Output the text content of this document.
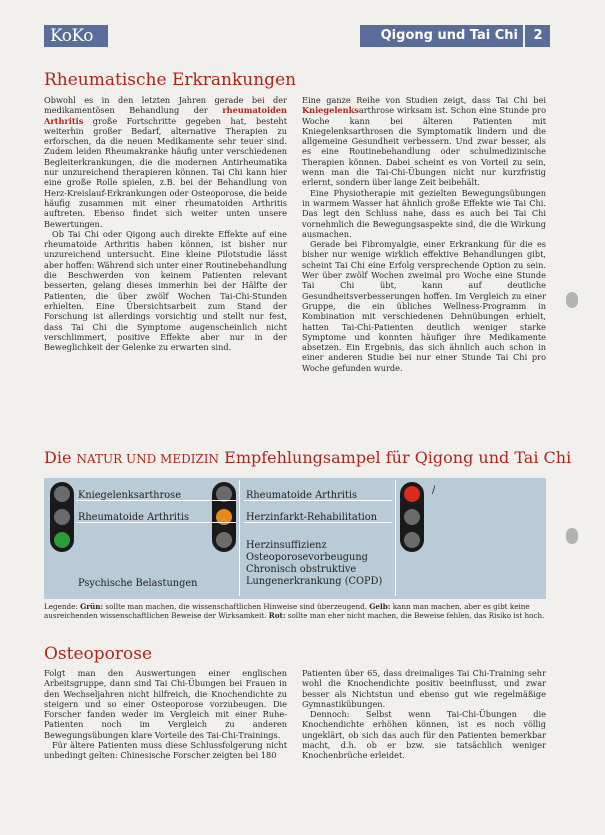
KoKo	Qigong und Tai Chi	2
Rheumatische Erkrankungen

Obwohl es in den letzten Jahren gerade bei der medikamentösen Behandlung der rheumatoiden Arthritis große Fortschritte gegeben hat, besteht weiterhin großer Bedarf, alternative Therapien zu erforschen, da die neuen Medikamente sehr teuer sind. Zudem leiden Rheumakranke häufig unter verschiedenen Begleiterkrankungen, die die modernen Antirheumatika nur unzureichend therapieren können. Tai Chi kann hier eine große Rolle spielen, z.B. bei der Behandlung von Herz-Kreislauf-Erkrankungen oder Osteoporose, die beide häufig zusammen mit einer rheumatoiden Arthritis auftreten. Ebenso findet sich weiter unten unsere Bewertungen.

Ob Tai Chi oder Qigong auch direkte Effekte auf eine rheumatoide Arthritis haben können, ist bisher nur unzureichend untersucht. Eine kleine Pilotstudie lässt aber hoffen: Während sich unter einer Routinebehandlung die Beschwerden von keinem Patienten relevant besserten, gelang dieses immerhin bei der Hälfte der Patienten, die über zwölf Wochen Tai-Chi-Stunden erhielten. Eine Übersichtsarbeit zum Stand der Forschung ist allerdings vorsichtig und stellt nur fest, dass Tai Chi die Symptome augenscheinlich nicht verschlimmert, positive Effekte aber nur in der Beweglichkeit der Gelenke zu erwarten sind.

Eine ganze Reihe von Studien zeigt, dass Tai Chi bei Kniegelenksarthrose wirksam ist. Schon eine Stunde pro Woche kann bei älteren Patienten mit Kniegelenksarthrosen die Symptomatik lindern und die allgemeine Gesundheit verbessern. Und zwar besser, als es eine Routinebehandlung oder schulmedizinische Therapien können. Dabei scheint es von Vorteil zu sein, wenn man die Tai-Chi-Übungen nicht nur kurzfristig erlernt, sondern über lange Zeit beibehält.

Eine Physiotherapie mit gezielten Bewegungsübungen in warmem Wasser hat ähnlich große Effekte wie Tai Chi. Das legt den Schluss nahe, dass es auch bei Tai Chi vornehmlich die Bewegungsaspekte sind, die die Wirkung ausmachen.

Gerade bei Fibromyalgie, einer Erkrankung für die es bisher nur wenige wirklich effektive Behandlungen gibt, scheint Tai Chi eine Erfolg versprechende Option zu sein. Wer über zwölf Wochen zweimal pro Woche eine Stunde Tai Chi übt, kann auf deutliche Gesundheitsverbesserungen hoffen. Im Vergleich zu einer Gruppe, die ein übliches Wellness-Programm in Kombination mit verschiedenen Dehnübungen erhielt, hatten Tai-Chi-Patienten deutlich weniger starke Symptome und konnten häufiger ihre Medikamente absetzen. Ein Ergebnis, das sich ähnlich auch schon in einer anderen Studie bei nur einer Stunde Tai Chi pro Woche gefunden wurde.

Die NATUR UND MEDIZIN Empfehlungsampel für Qigong und Tai Chi
Kniegelenksarthrose
Rheumatoide Arthritis

Psychische Belastungen
Rheumatoide Arthritis
Herzinfarkt-Rehabilitation
Herzinsuffizienz
Osteoporosevorbeugung
Chronisch obstruktive
Lungenerkrankung (COPD)
/
Legende: Grün: sollte man machen, die wissenschaftlichen Hinweise sind überzeugend. Gelb: kann man machen, aber es gibt keine ausreichenden wissenschaftlichen Beweise der Wirksamkeit. Rot: sollte man eher nicht machen, die Beweise fehlen, das Risiko ist hoch.
Osteoporose

Folgt man den Auswertungen einer englischen Arbeitsgruppe, dann sind Tai Chi-Übungen bei Frauen in den Wechseljahren nicht hilfreich, die Knochendichte zu steigern und so einer Osteoporose vorzubeugen. Die Forscher fanden weder im Vergleich mit einer Ruhe-Patienten noch im Vergleich zu anderen Bewegungsübungen klare Vorteile des Tai-Chi-Trainings.

Für ältere Patienten muss diese Schlussfolgerung nicht unbedingt gelten: Chinesische Forscher zeigten bei 180

Patienten über 65, dass dreimaliges Tai Chi-Training sehr wohl die Knochendichte positiv beeinflusst, und zwar besser als Nichtstun und ebenso gut wie regelmäßige Gymnastikübungen.

Dennoch: Selbst wenn Tai-Chi-Übungen die Knochendichte erhöhen können, ist es noch völlig ungeklärt, ob sich das auch für den Patienten bemerkbar macht, d.h. ob er bzw. sie tatsächlich weniger Knochenbrüche erleidet.
